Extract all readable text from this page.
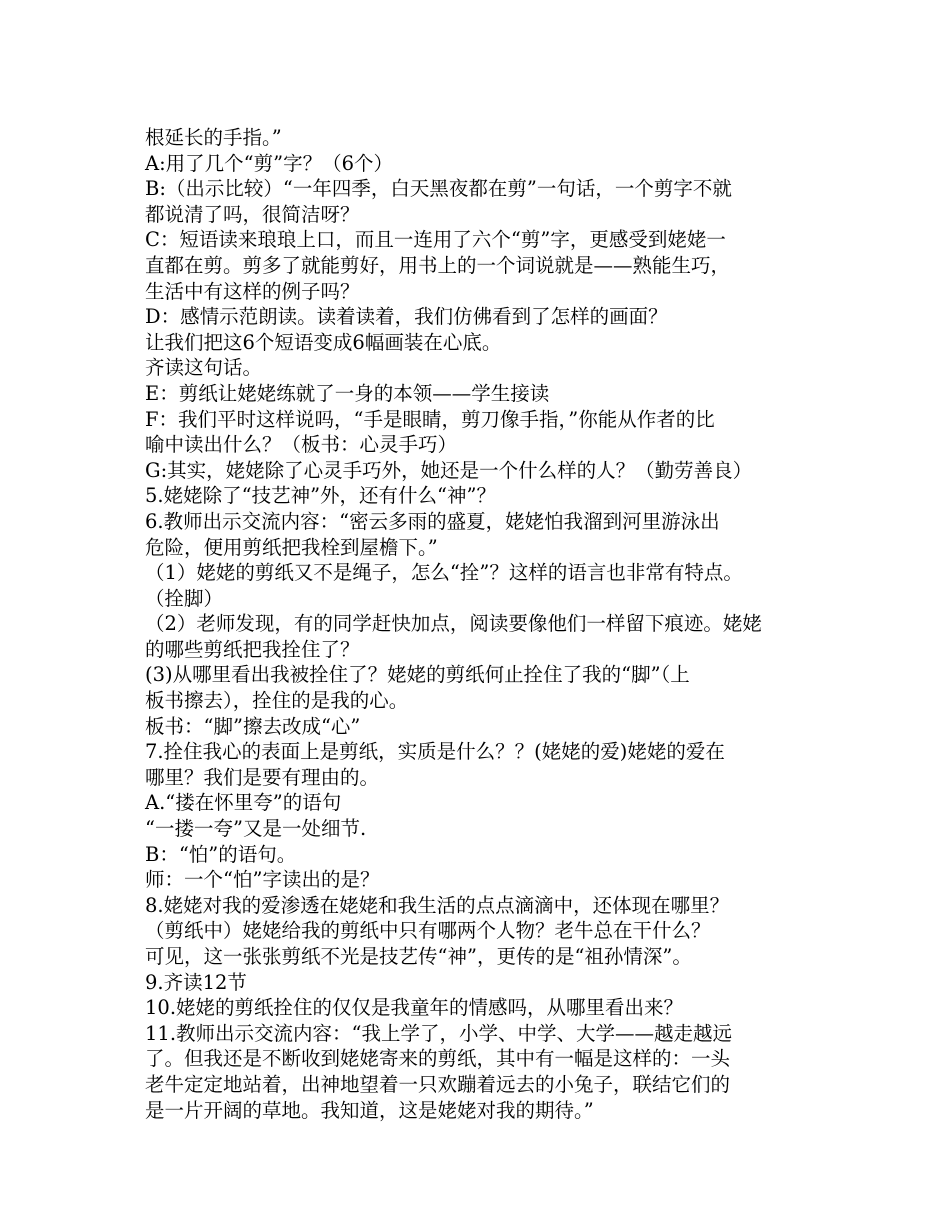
根延长的手指。”
A:用了几个“剪”字？（6个）
B:（出示比较）“一年四季，白天黑夜都在剪”一句话，一个剪字不就
都说清了吗，很简洁呀？
C：短语读来琅琅上口，而且一连用了六个“剪”字，更感受到姥姥一
直都在剪。剪多了就能剪好，用书上的一个词说就是——熟能生巧，
生活中有这样的例子吗？
D：感情示范朗读。读着读着，我们仿佛看到了怎样的画面？
让我们把这6个短语变成6幅画装在心底。
齐读这句话。
E：剪纸让姥姥练就了一身的本领——学生接读
F：我们平时这样说吗，“手是眼睛，剪刀像手指，”你能从作者的比
喻中读出什么？（板书：心灵手巧）
G:其实，姥姥除了心灵手巧外，她还是一个什么样的人？（勤劳善良）
5.姥姥除了“技艺神”外，还有什么“神”？
6.教师出示交流内容：“密云多雨的盛夏，姥姥怕我溜到河里游泳出
危险，便用剪纸把我栓到屋檐下。”
（1）姥姥的剪纸又不是绳子，怎么“拴”？这样的语言也非常有特点。
（拴脚）
（2）老师发现，有的同学赶快加点，阅读要像他们一样留下痕迹。姥姥
的哪些剪纸把我拴住了？
(3)从哪里看出我被拴住了？姥姥的剪纸何止拴住了我的“脚”（上
板书擦去），拴住的是我的心。
板书：“脚”擦去改成“心”
7.拴住我心的表面上是剪纸，实质是什么？？(姥姥的爱)姥姥的爱在
哪里？我们是要有理由的。
A.“搂在怀里夸”的语句
“一搂一夸”又是一处细节.
B：“怕”的语句。
师：一个“怕”字读出的是？
8.姥姥对我的爱渗透在姥姥和我生活的点点滴滴中，还体现在哪里？
（剪纸中）姥姥给我的剪纸中只有哪两个人物？老牛总在干什么？
可见，这一张张剪纸不光是技艺传“神”，更传的是“祖孙情深”。
9.齐读12节
10.姥姥的剪纸拴住的仅仅是我童年的情感吗，从哪里看出来？
11.教师出示交流内容：“我上学了，小学、中学、大学——越走越远
了。但我还是不断收到姥姥寄来的剪纸，其中有一幅是这样的：一头
老牛定定地站着，出神地望着一只欢蹦着远去的小兔子，联结它们的
是一片开阔的草地。我知道，这是姥姥对我的期待。”
